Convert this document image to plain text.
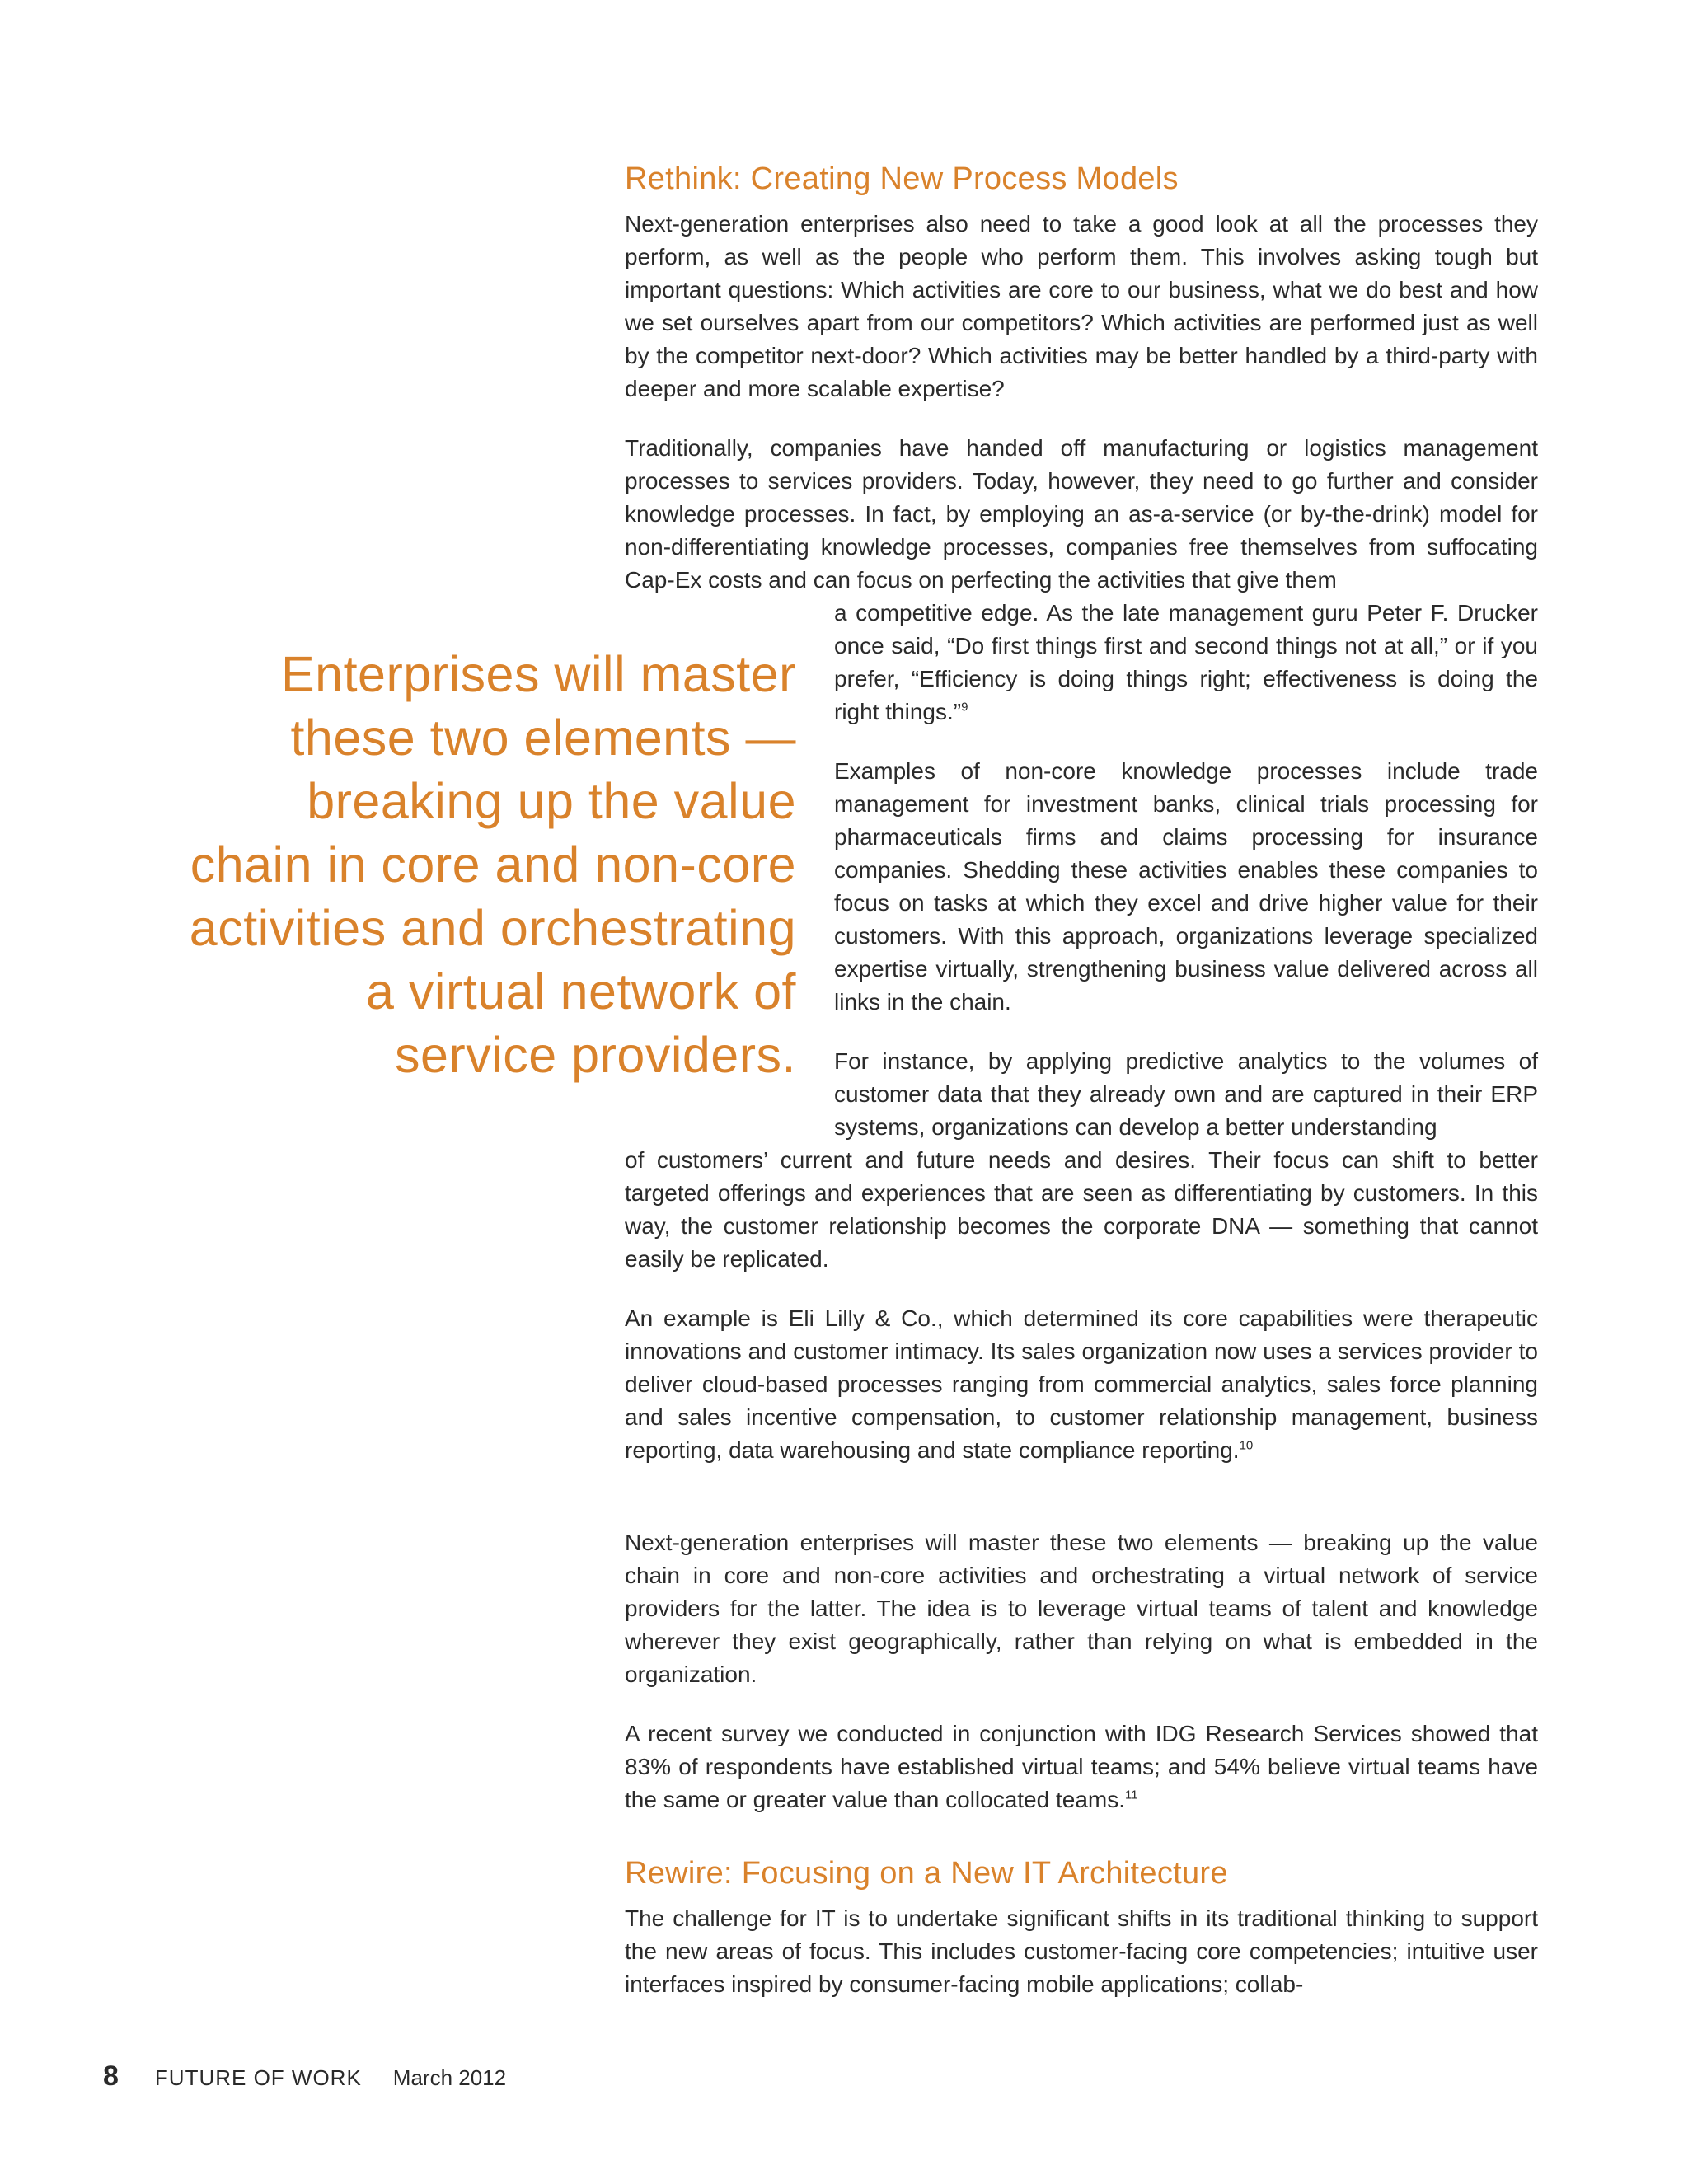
Rethink: Creating New Process Models

Next-generation enterprises also need to take a good look at all the processes they perform, as well as the people who perform them. This involves asking tough but important questions: Which activities are core to our business, what we do best and how we set ourselves apart from our competitors? Which activities are performed just as well by the competitor next-door? Which activities may be better handled by a third-party with deeper and more scalable expertise?

Traditionally, companies have handed off manufacturing or logistics management processes to services providers. Today, however, they need to go further and consider knowledge processes. In fact, by employing an as-a-service (or by-the-drink) model for non-differentiating knowledge processes, companies free themselves from suffocating Cap-Ex costs and can focus on perfecting the activities that give them

a competitive edge. As the late management guru Peter F. Drucker once said, “Do first things first and second things not at all,” or if you prefer, “Efficiency is doing things right; effectiveness is doing the right things.”$^9$

Examples of non-core knowledge processes include trade management for investment banks, clinical trials processing for pharmaceuticals firms and claims processing for insurance companies. Shedding these activities enables these companies to focus on tasks at which they excel and drive higher value for their customers. With this approach, organizations leverage specialized expertise virtually, strengthening business value delivered across all links in the chain.

For instance, by applying predictive analytics to the volumes of customer data that they already own and are captured in their ERP systems, organizations can develop a better understanding

of customers’ current and future needs and desires. Their focus can shift to better targeted offerings and experiences that are seen as differentiating by customers. In this way, the customer relationship becomes the corporate DNA — something that cannot easily be replicated.

An example is Eli Lilly & Co., which determined its core capabilities were therapeutic innovations and customer intimacy. Its sales organization now uses a services provider to deliver cloud-based processes ranging from commercial analytics, sales force planning and sales incentive compensation, to customer relationship management, business reporting, data warehousing and state compliance reporting.$^{10}$

Next-generation enterprises will master these two elements — breaking up the value chain in core and non-core activities and orchestrating a virtual network of service providers for the latter. The idea is to leverage virtual teams of talent and knowledge wherever they exist geographically, rather than relying on what is embedded in the organization.

A recent survey we conducted in conjunction with IDG Research Services showed that 83% of respondents have established virtual teams; and 54% believe virtual teams have the same or greater value than collocated teams.$^{11}$

Rewire: Focusing on a New IT Architecture

The challenge for IT is to undertake significant shifts in its traditional thinking to support the new areas of focus. This includes customer-facing core competencies; intuitive user interfaces inspired by consumer-facing mobile applications; collab-

Enterprises will master
these two elements —
breaking up the value
chain in core and non-core
activities and orchestrating
a virtual network of
service providers.
8 FUTURE OF WORK March 2012
